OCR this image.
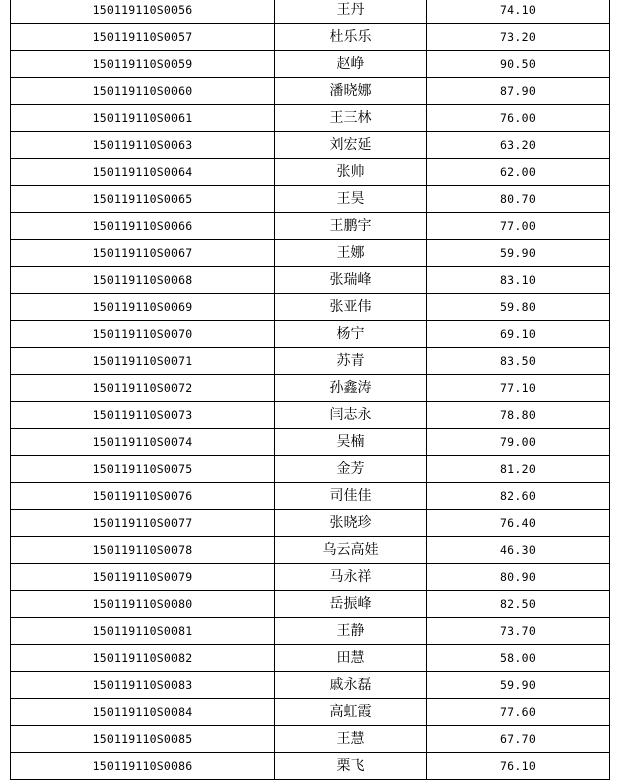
150119110S0056	王丹	74.10
150119110S0057	杜乐乐	73.20
150119110S0059	赵峥	90.50
150119110S0060	潘晓娜	87.90
150119110S0061	王三林	76.00
150119110S0063	刘宏延	63.20
150119110S0064	张帅	62.00
150119110S0065	王昊	80.70
150119110S0066	王鹏宇	77.00
150119110S0067	王娜	59.90
150119110S0068	张瑞峰	83.10
150119110S0069	张亚伟	59.80
150119110S0070	杨宁	69.10
150119110S0071	苏青	83.50
150119110S0072	孙鑫涛	77.10
150119110S0073	闫志永	78.80
150119110S0074	吴楠	79.00
150119110S0075	金芳	81.20
150119110S0076	司佳佳	82.60
150119110S0077	张晓珍	76.40
150119110S0078	乌云高娃	46.30
150119110S0079	马永祥	80.90
150119110S0080	岳振峰	82.50
150119110S0081	王静	73.70
150119110S0082	田慧	58.00
150119110S0083	戚永磊	59.90
150119110S0084	高虹霞	77.60
150119110S0085	王慧	67.70
150119110S0086	栗飞	76.10
